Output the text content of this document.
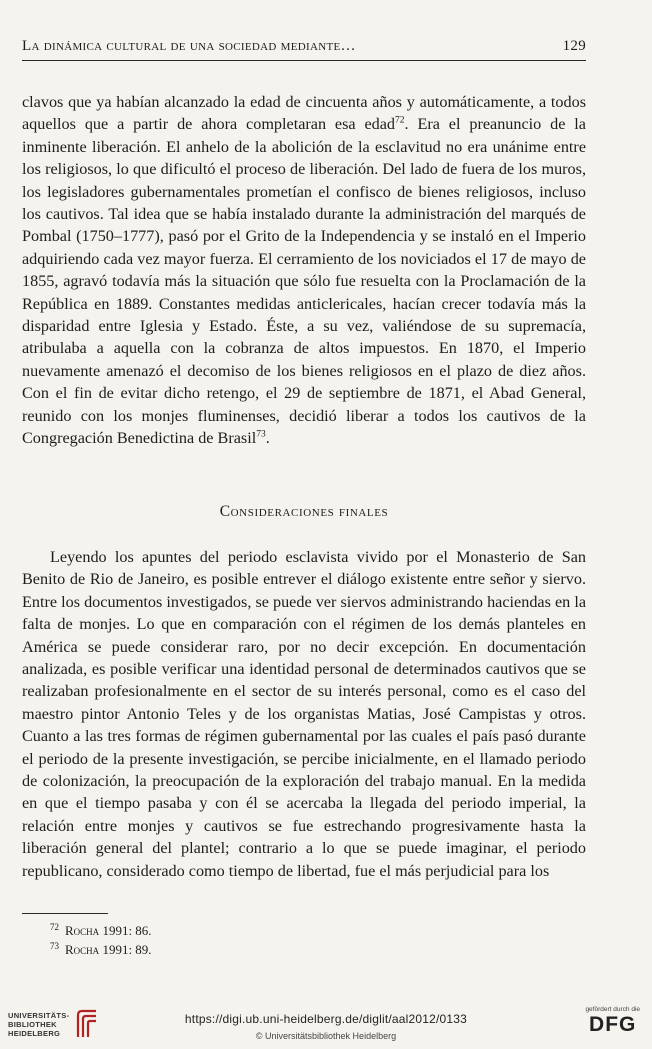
La dinámica cultural de una sociedad mediante…	129

clavos que ya habían alcanzado la edad de cincuenta años y automáticamente, a todos aquellos que a partir de ahora completaran esa edad$^{72}$. Era el preanuncio de la inminente liberación. El anhelo de la abolición de la esclavitud no era unánime entre los religiosos, lo que dificultó el proceso de liberación. Del lado de fuera de los muros, los legisladores gubernamentales prometían el confisco de bienes religiosos, incluso los cautivos. Tal idea que se había instalado durante la administración del marqués de Pombal (1750–1777), pasó por el Grito de la Independencia y se instaló en el Imperio adquiriendo cada vez mayor fuerza. El cerramiento de los noviciados el 17 de mayo de 1855, agravó todavía más la situación que sólo fue resuelta con la Proclamación de la República en 1889. Constantes medidas anticlericales, hacían crecer todavía más la disparidad entre Iglesia y Estado. Éste, a su vez, valiéndose de su supremacía, atribulaba a aquella con la cobranza de altos impuestos. En 1870, el Imperio nuevamente amenazó el decomiso de los bienes religiosos en el plazo de diez años. Con el fin de evitar dicho retengo, el 29 de septiembre de 1871, el Abad General, reunido con los monjes fluminenses, decidió liberar a todos los cautivos de la Congregación Benedictina de Brasil$^{73}$.

Consideraciones finales

Leyendo los apuntes del periodo esclavista vivido por el Monasterio de San Benito de Rio de Janeiro, es posible entrever el diálogo existente entre señor y siervo. Entre los documentos investigados, se puede ver siervos administrando haciendas en la falta de monjes. Lo que en comparación con el régimen de los demás planteles en América se puede considerar raro, por no decir excepción. En documentación analizada, es posible verificar una identidad personal de determinados cautivos que se realizaban profesionalmente en el sector de su interés personal, como es el caso del maestro pintor Antonio Teles y de los organistas Matias, José Campistas y otros. Cuanto a las tres formas de régimen gubernamental por las cuales el país pasó durante el periodo de la presente investigación, se percibe inicialmente, en el llamado periodo de colonización, la preocupación de la exploración del trabajo manual. En la medida en que el tiempo pasaba y con él se acercaba la llegada del periodo imperial, la relación entre monjes y cautivos se fue estrechando progresivamente hasta la liberación general del plantel; contrario a lo que se puede imaginar, el periodo republicano, considerado como tiempo de libertad, fue el más perjudicial para los

$^{72}$ Rocha 1991: 86.
$^{73}$ Rocha 1991: 89.
UNIVERSITÄTS-
BIBLIOTHEK
HEIDELBERG
https://digi.ub.uni-heidelberg.de/diglit/aal2012/0133
© Universitätsbibliothek Heidelberg
gefördert durch die
DFG
